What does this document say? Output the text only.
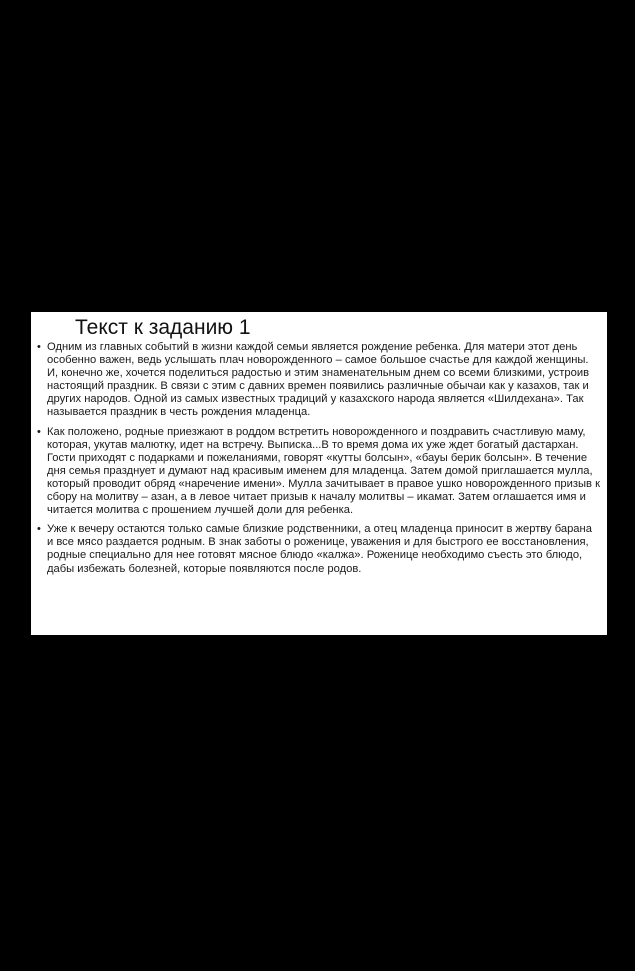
Текст к заданию 1
• Одним из главных событий в жизни каждой семьи является рождение ребенка. Для матери этот день особенно важен, ведь услышать плач новорожденного – самое большое счастье для каждой женщины. И, конечно же, хочется поделиться радостью и этим знаменательным днем со всеми близкими, устроив настоящий праздник. В связи с этим с давних времен появились различные обычаи как у казахов, так и других народов. Одной из самых известных традиций у казахского народа является «Шилдехана». Так называется праздник в честь рождения младенца.
• Как положено, родные приезжают в роддом встретить новорожденного и поздравить счастливую маму, которая, укутав малютку, идет на встречу. Выписка...В то время дома их уже ждет богатый дастархан. Гости приходят с подарками и пожеланиями, говорят «кутты болсын», «бауы берик болсын». В течение дня семья празднует и думают над красивым именем для младенца. Затем домой приглашается мулла, который проводит обряд «наречение имени». Мулла зачитывает в правое ушко новорожденного призыв к сбору на молитву – азан, а в левое читает призыв к началу молитвы – икамат. Затем оглашается имя и читается молитва с прошением лучшей доли для ребенка.
• Уже к вечеру остаются только самые близкие родственники, а отец младенца приносит в жертву барана и все мясо раздается родным. В знак заботы о роженице, уважения и для быстрого ее восстановления, родные специально для нее готовят мясное блюдо «калжа». Роженице необходимо съесть это блюдо, дабы избежать болезней, которые появляются после родов.
